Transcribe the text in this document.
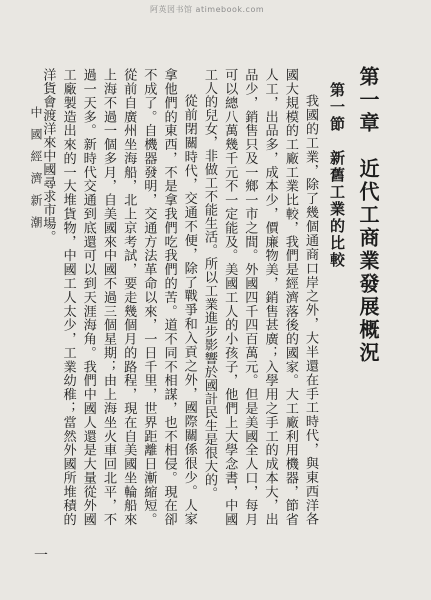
阿英図书馆 atimebook.com
第一章　近代工商業發展概況
第一節　新舊工業的比較

我國的工業，除了幾個通商口岸之外，大半還在手工時代，與東西洋各國大規模的工廠工業比較，我們是經濟落後的國家。大工廠利用機器，節省人工，出品多，成本少，價廉物美，銷售甚廣；入學用之手工的成本大，出品少，銷售只及一鄉一市之間。外國四千四百萬元。但是美國全人口，每月可以總八萬幾千元不一定能及。美國工人的小孩子，他們上大學念書，中國工人的兒女，非做工不能生活。所以工業進步影響於國計民生是很大的。

從前閉關時代，交通不便，除了戰爭和入貢之外，國際關係很少。人家拿他們的東西，不是拿我們吃我們的苦。道不同不相謀，也不相侵。現在卻不成了。自機器發明，交通方法革命以來，一日千里，世界距離日漸縮短。從前自廣州坐海船，北上京考試，要走幾個月的路程，現在自美國坐輪船來上海不過一個多月，自美國來中國不過三個星期；由上海坐火車回北平，不過一天多。新時代交通到底還可以到天涯海角。我們中國人還是大量從外國工廠製造出來的一大堆貨物，中國工人太少，工業幼稚；當然外國所堆積的洋貨會渡洋來中國尋求市場。

中國經濟新潮
一
